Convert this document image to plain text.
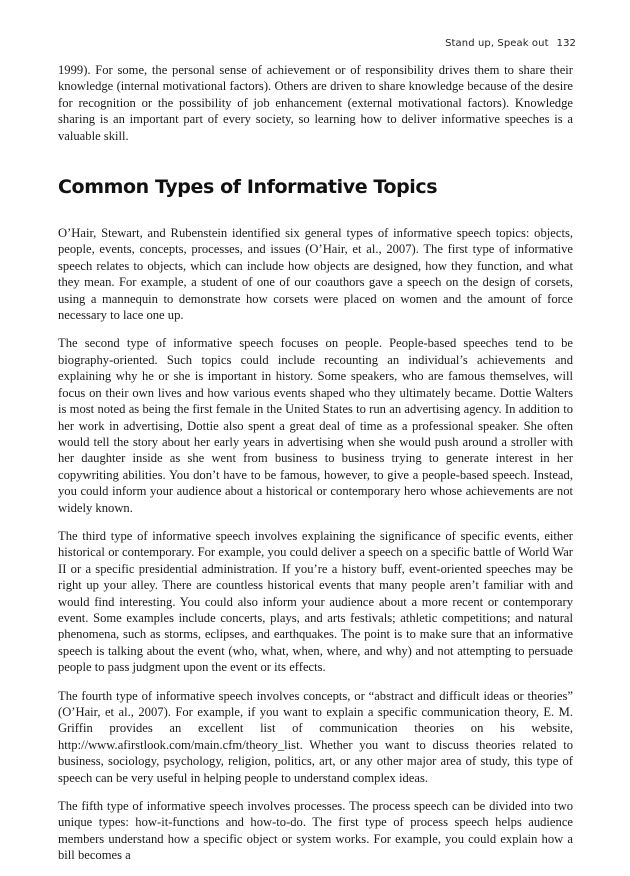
Stand up, Speak out 132

1999). For some, the personal sense of achievement or of responsibility drives them to share their knowledge (internal motivational factors). Others are driven to share knowledge because of the desire for recognition or the possibility of job enhancement (external motivational factors). Knowledge sharing is an important part of every society, so learning how to deliver informative speeches is a valuable skill.

Common Types of Informative Topics

O’Hair, Stewart, and Rubenstein identified six general types of informative speech topics: objects, people, events, concepts, processes, and issues (O’Hair, et al., 2007). The first type of informative speech relates to objects, which can include how objects are designed, how they function, and what they mean. For example, a student of one of our coauthors gave a speech on the design of corsets, using a mannequin to demonstrate how corsets were placed on women and the amount of force necessary to lace one up.

The second type of informative speech focuses on people. People-based speeches tend to be biography-oriented. Such topics could include recounting an individual’s achievements and explaining why he or she is important in history. Some speakers, who are famous themselves, will focus on their own lives and how various events shaped who they ultimately became. Dottie Walters is most noted as being the first female in the United States to run an advertising agency. In addition to her work in advertising, Dottie also spent a great deal of time as a professional speaker. She often would tell the story about her early years in advertising when she would push around a stroller with her daughter inside as she went from business to business trying to generate interest in her copywriting abilities. You don’t have to be famous, however, to give a people-based speech. Instead, you could inform your audience about a historical or contemporary hero whose achievements are not widely known.

The third type of informative speech involves explaining the significance of specific events, either historical or contemporary. For example, you could deliver a speech on a specific battle of World War II or a specific presidential administration. If you’re a history buff, event-oriented speeches may be right up your alley. There are countless historical events that many people aren’t familiar with and would find interesting. You could also inform your audience about a more recent or contemporary event. Some examples include concerts, plays, and arts festivals; athletic competitions; and natural phenomena, such as storms, eclipses, and earthquakes. The point is to make sure that an informative speech is talking about the event (who, what, when, where, and why) and not attempting to persuade people to pass judgment upon the event or its effects.

The fourth type of informative speech involves concepts, or “abstract and difficult ideas or theories” (O’Hair, et al., 2007). For example, if you want to explain a specific communication theory, E. M. Griffin provides an excellent list of communication theories on his website, http://www.afirstlook.com/main.cfm/theory_list. Whether you want to discuss theories related to business, sociology, psychology, religion, politics, art, or any other major area of study, this type of speech can be very useful in helping people to understand complex ideas.

The fifth type of informative speech involves processes. The process speech can be divided into two unique types: how-it-functions and how-to-do. The first type of process speech helps audience members understand how a specific object or system works. For example, you could explain how a bill becomes a
